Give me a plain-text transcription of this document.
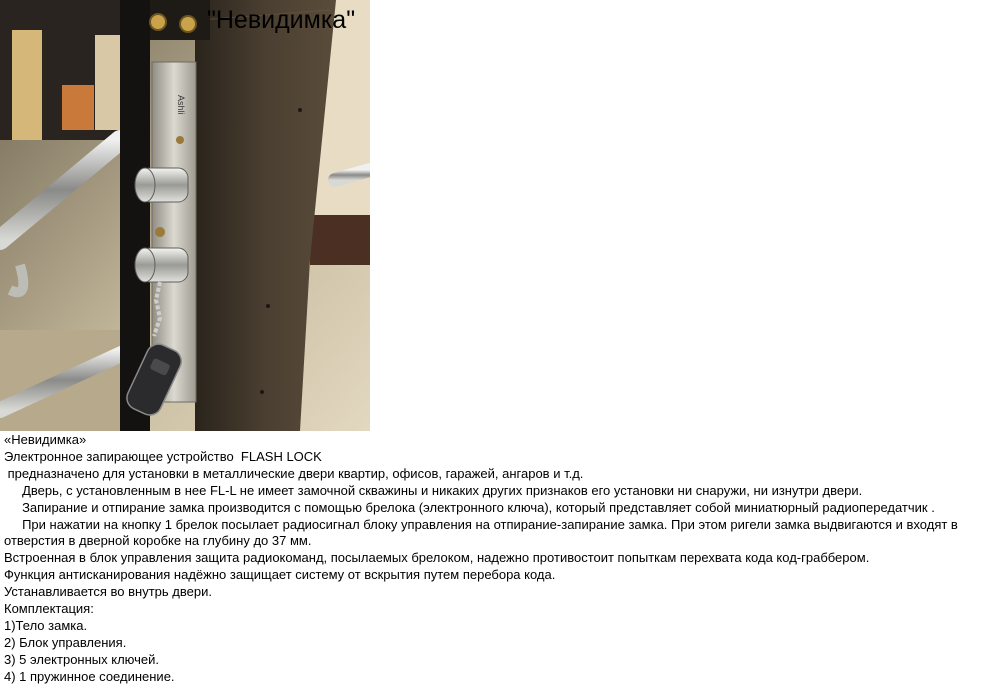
Ashli
"Невидимка"

«Невидимка»

Электронное запирающее устройство  FLASH LOCK

предназначено для установки в металлические двери квартир, офисов, гаражей, ангаров и т.д.

Дверь, с установленным в нее FL-L не имеет замочной скважины и никаких других признаков его установки ни снаружи, ни изнутри двери.

Запирание и отпирание замка производится с помощью брелока (электронного ключа), который представляет собой миниатюрный радиопередатчик .

При нажатии на кнопку 1 брелок посылает радиосигнал блоку управления на отпирание-запирание замка. При этом ригели замка выдвигаются и входят в отверстия в дверной коробке на глубину до 37 мм.

Встроенная в блок управления защита радиокоманд, посылаемых брелоком, надежно противостоит попыткам перехвата кода код-граббером.

Функция антисканирования надёжно защищает систему от вскрытия путем перебора кода.

Устанавливается во внутрь двери.

Комплектация:

1)Тело замка.

2) Блок управления.

3) 5 электронных ключей.

4) 1 пружинное соединение.
